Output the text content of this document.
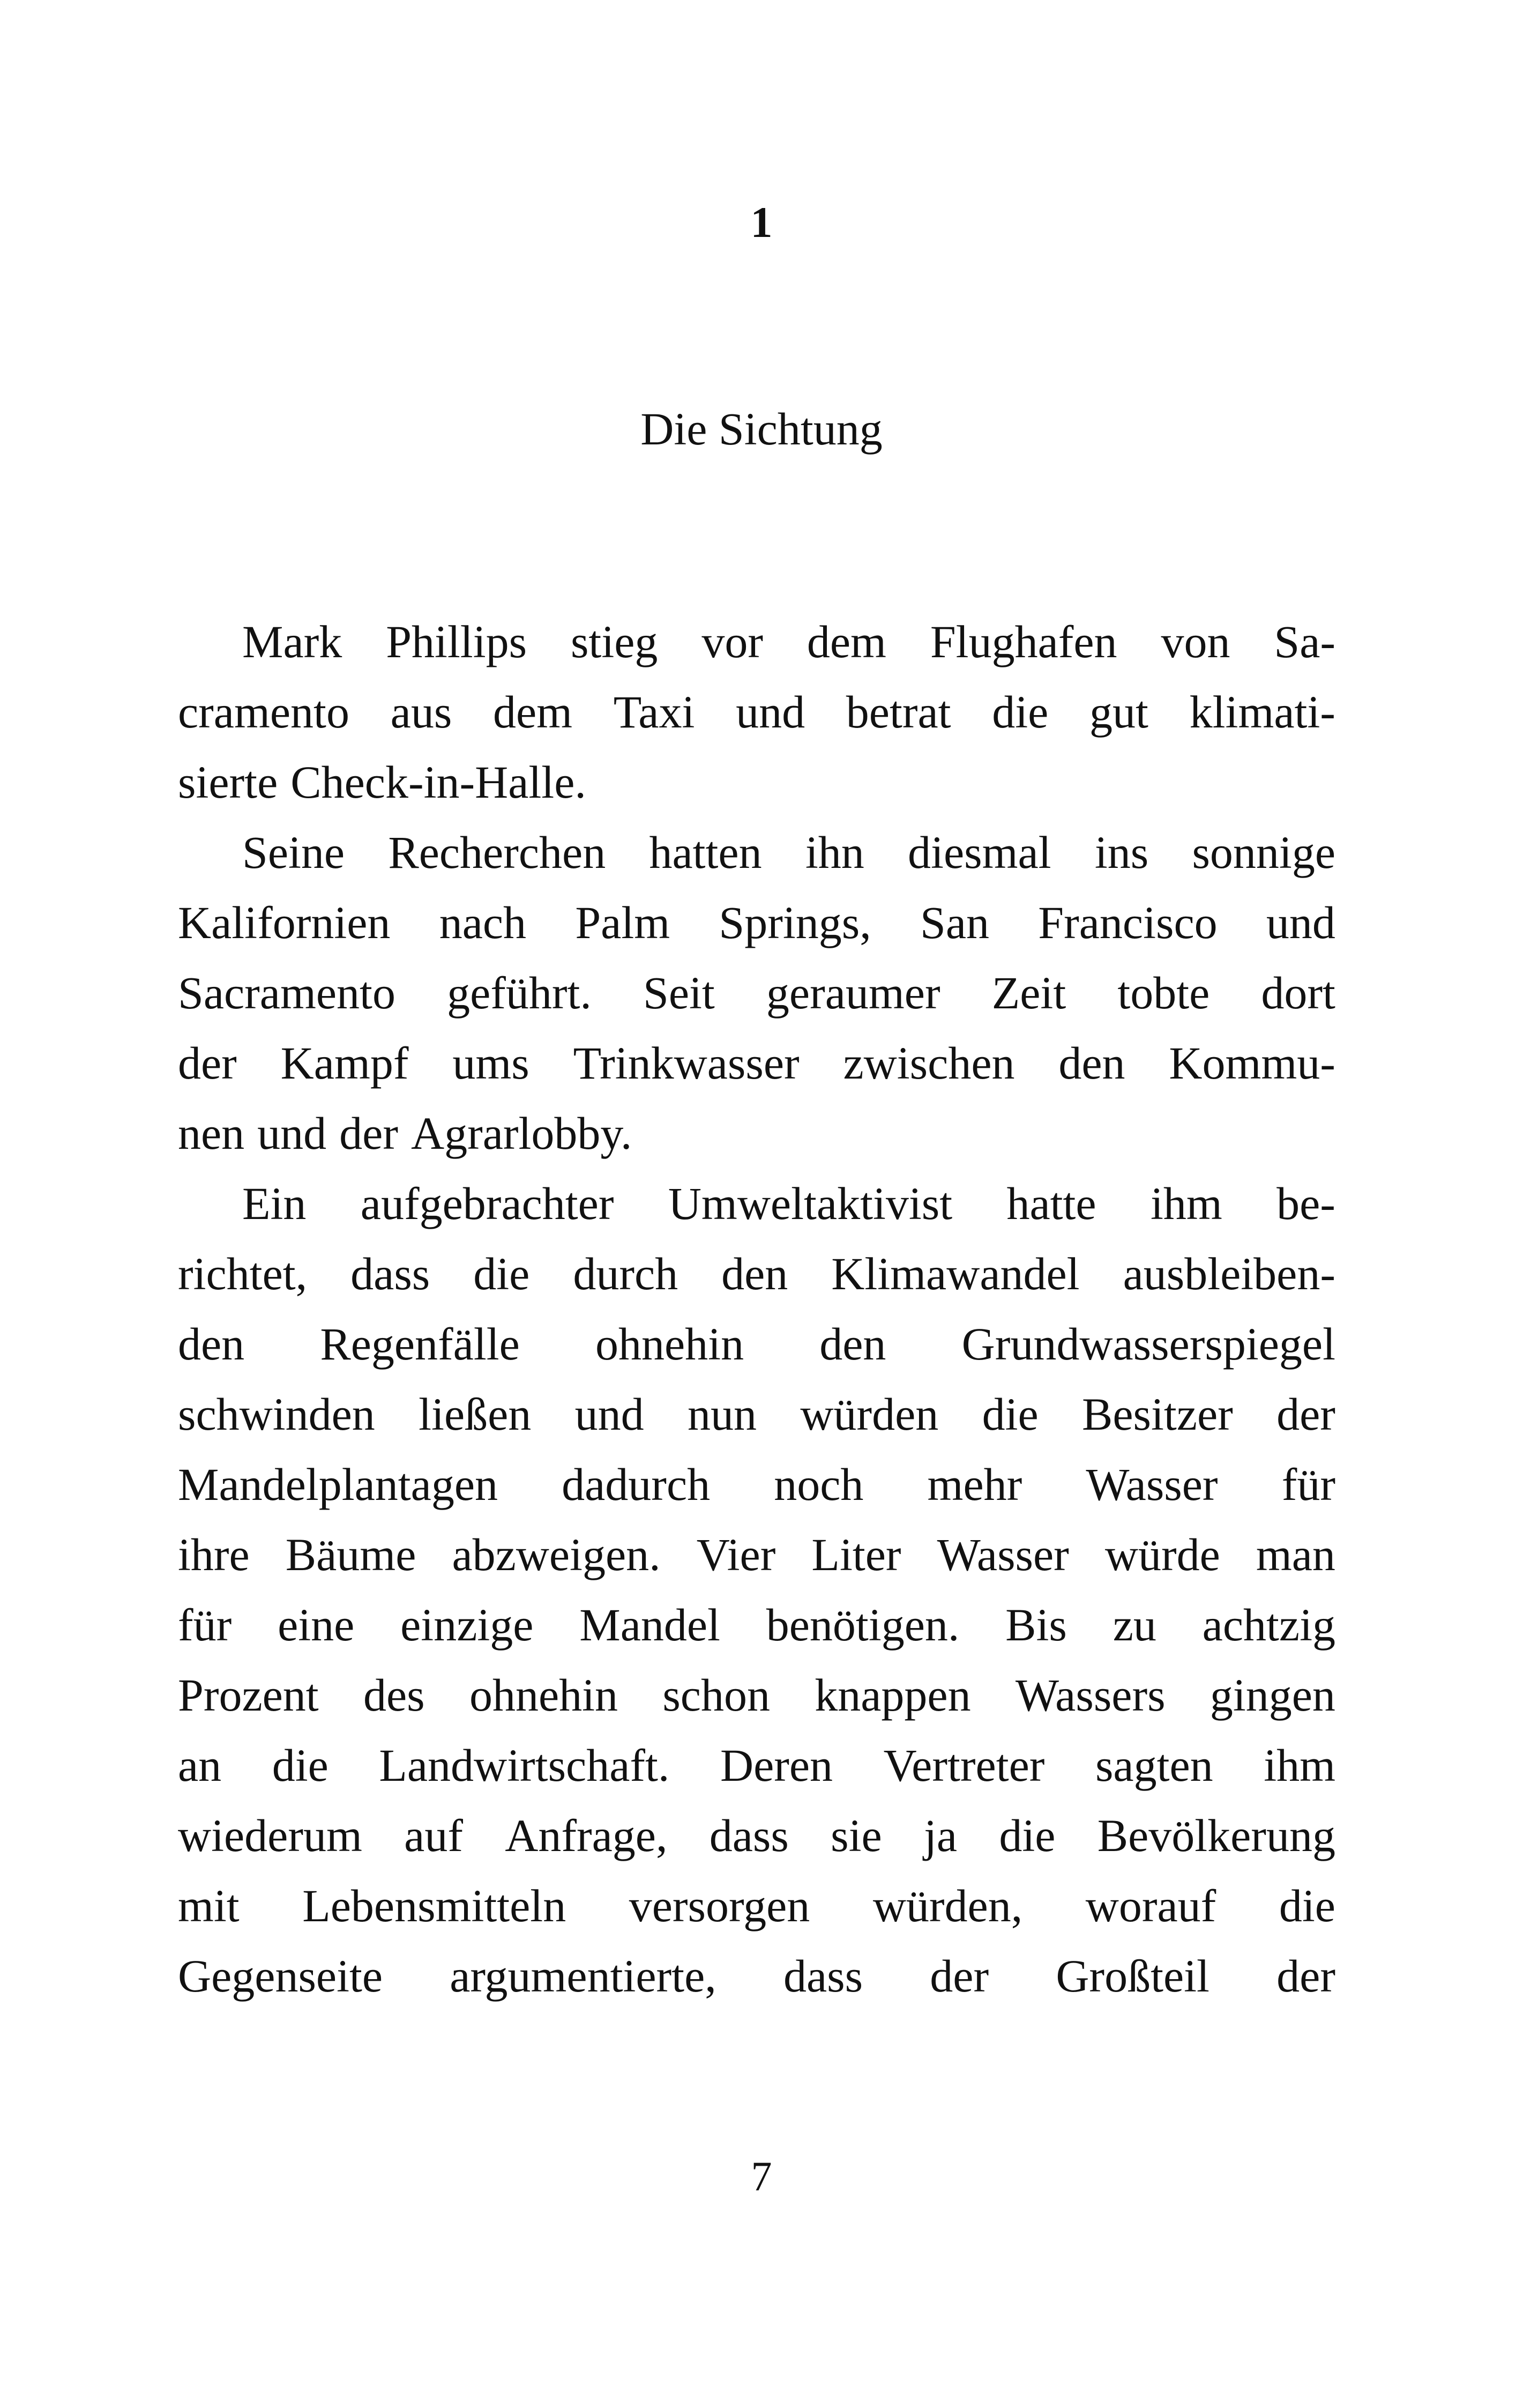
1
Die Sichtung
Mark Phillips stieg vor dem Flughafen von Sa-
cramento aus dem Taxi und betrat die gut klimati-
sierte Check-in-Halle.
Seine Recherchen hatten ihn diesmal ins sonnige
Kalifornien nach Palm Springs, San Francisco und
Sacramento geführt. Seit geraumer Zeit tobte dort
der Kampf ums Trinkwasser zwischen den Kommu-
nen und der Agrarlobby.
Ein aufgebrachter Umweltaktivist hatte ihm be-
richtet, dass die durch den Klimawandel ausbleiben-
den Regenfälle ohnehin den Grundwasserspiegel
schwinden ließen und nun würden die Besitzer der
Mandelplantagen dadurch noch mehr Wasser für
ihre Bäume abzweigen. Vier Liter Wasser würde man
für eine einzige Mandel benötigen. Bis zu achtzig
Prozent des ohnehin schon knappen Wassers gingen
an die Landwirtschaft. Deren Vertreter sagten ihm
wiederum auf Anfrage, dass sie ja die Bevölkerung
mit Lebensmitteln versorgen würden, worauf die
Gegenseite argumentierte, dass der Großteil der
7
